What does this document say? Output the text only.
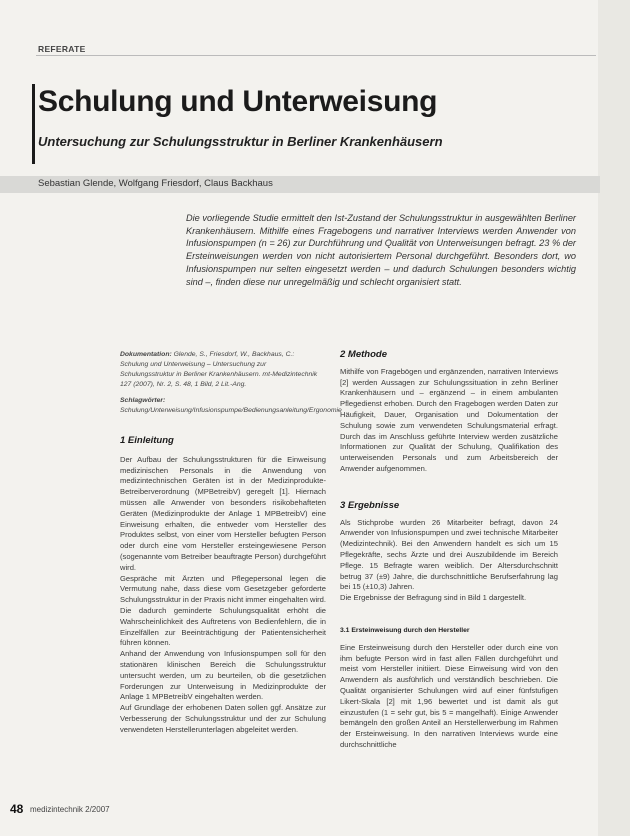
REFERATE
Schulung und Unterweisung
Untersuchung zur Schulungsstruktur in Berliner Krankenhäusern
Sebastian Glende, Wolfgang Friesdorf, Claus Backhaus

Die vorliegende Studie ermittelt den Ist-Zustand der Schulungsstruktur in ausgewählten Berliner Krankenhäusern. Mithilfe eines Fragebogens und narrativer Interviews werden Anwender von Infusionspumpen (n = 26) zur Durchführung und Qualität von Unterweisungen befragt. 23 % der Ersteinweisungen werden von nicht autorisiertem Personal durchgeführt. Besonders dort, wo Infusionspumpen nur selten eingesetzt werden – und dadurch Schulungen besonders wichtig sind –, finden diese nur unregelmäßig und schlecht organisiert statt.

Dokumentation: Glende, S., Friesdorf, W., Backhaus, C.: Schulung und Unterweisung – Untersuchung zur Schulungsstruktur in Berliner Krankenhäusern. mt-Medizintechnik 127 (2007), Nr. 2, S. 48, 1 Bild, 2 Lit.-Ang.
Schlagwörter: Schulung/Unterweisung/Infusionspumpe/Bedienungsanleitung/Ergonomie
1 Einleitung

Der Aufbau der Schulungsstrukturen für die Einweisung medizinischen Personals in die Anwendung von medizintechnischen Geräten ist in der Medizinprodukte-Betreiberverordnung (MPBetreibV) geregelt [1]. Hiernach müssen alle Anwender von besonders risikobehafteten Geräten (Medizinprodukte der Anlage 1 MPBetreibV) eine Einweisung erhalten, die entweder vom Hersteller des Produktes selbst, von einer vom Hersteller befugten Person oder durch eine vom Hersteller ersteingewiesene Person (sogenannte vom Betreiber beauftragte Person) durchgeführt wird.

Gespräche mit Ärzten und Pflegepersonal legen die Vermutung nahe, dass diese vom Gesetzgeber geforderte Schulungsstruktur in der Praxis nicht immer eingehalten wird. Die dadurch geminderte Schulungsqualität erhöht die Wahrscheinlichkeit des Auftretens von Bedienfehlern, die in Einzelfällen zur Beeinträchtigung der Patientensicherheit führen können.

Anhand der Anwendung von Infusionspumpen soll für den stationären klinischen Bereich die Schulungsstruktur untersucht werden, um zu beurteilen, ob die gesetzlichen Forderungen zur Unterweisung in Medizinprodukte der Anlage 1 MPBetreibV eingehalten werden.

Auf Grundlage der erhobenen Daten sollen ggf. Ansätze zur Verbesserung der Schulungsstruktur und der zur Schulung verwendeten Herstellerunterlagen abgeleitet werden.

2 Methode

Mithilfe von Fragebögen und ergänzenden, narrativen Interviews [2] werden Aussagen zur Schulungssituation in zehn Berliner Krankenhäusern und – ergänzend – in einem ambulanten Pflegedienst erhoben. Durch den Fragebogen werden Daten zur Häufigkeit, Dauer, Organisation und Dokumentation der Schulung sowie zum verwendeten Schulungsmaterial erfragt. Durch das im Anschluss geführte Interview werden zusätzliche Informationen zur Qualität der Schulung, Qualifikation des unterweisenden Personals und zum Arbeitsbereich der Anwender aufgenommen.

3 Ergebnisse

Als Stichprobe wurden 26 Mitarbeiter befragt, davon 24 Anwender von Infusionspumpen und zwei technische Mitarbeiter (Medizintechnik). Bei den Anwendern handelt es sich um 15 Pflegekräfte, sechs Ärzte und drei Auszubildende im Bereich Pflege. 15 Befragte waren weiblich. Der Altersdurchschnitt betrug 37 (±9) Jahre, die durchschnittliche Berufserfahrung lag bei 15 (±10,3) Jahren.

Die Ergebnisse der Befragung sind in Bild 1 dargestellt.

3.1 Ersteinweisung durch den Hersteller

Eine Ersteinweisung durch den Hersteller oder durch eine von ihm befugte Person wird in fast allen Fällen durchgeführt und meist vom Hersteller initiiert. Diese Einweisung wird von den Anwendern als ausführlich und verständlich beschrieben. Die Qualität organisierter Schulungen wird auf einer fünfstufigen Likert-Skala [2] mit 1,96 bewertet und ist damit als gut einzustufen (1 = sehr gut, bis 5 = mangelhaft). Einige Anwender bemängeln den großen Anteil an Herstellerwerbung im Rahmen der Ersteinweisung. In den narrativen Interviews wurde eine durchschnittliche

48 medizintechnik 2/2007
